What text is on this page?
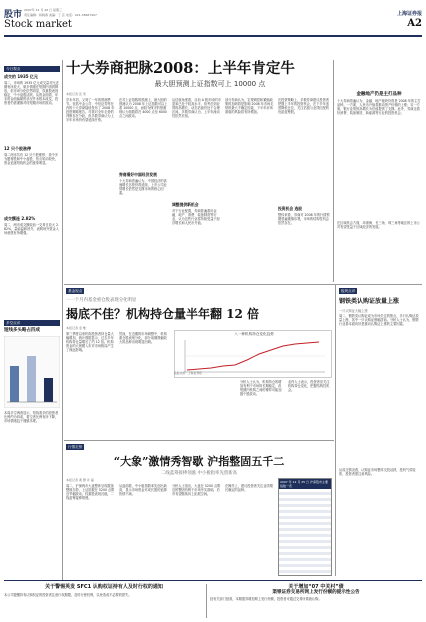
股市 2007年 12 月 26 日 星期三
责任编辑：杨晓春 美编：丁 芸 电话：021-38967907
Stock market
上海证券报
A2
今日观点
成交的 1935 亿元
周二，市场的 1935 亿元成交量对比近期有所放大，做多情绪在短期内得到释放，但市场分化依然明显，权重股表现稳定，中小盘股活跃。从资金面看，年末资金面偏紧的状况并未根本改变，投资者仍需谨慎对待短期市场的波动。
12 只个股涨停
周二两市共有 12 只个股涨停，其中多为题材股和中小盘股，热点轮动较快，资金追逐短线机会的迹象明显。
成交额连 2.82%
周二，两市成交额较前一交易日放大 2.82%，量能温和回升，表明场外资金入场意愿有所增强。
多空点评
短线多头略占四成
本周多空调查显示，短线看多的投资者比例约为四成，看空者比例有所下降，市场情绪趋于谨慎乐观。
十大券商把脉2008：上半年肯定牛
最大胆预测上证指数可上 10000 点
本报记者 张 雪
岁末年初，又到了一年的预测季节。包括中金公司、中信证券等在内的十大券商陆续发布了 2008 年投资策略报告。尽管对全年走势的判断存在分歧，但多数券商认为上半年市场仍有望延续升势。
在对上证指数的预测上，最大胆的预测认为 2008 年上证指数可以上看 10000 点，而较为保守的预测则认为指数将在 4000 点至 6000 点之间波动。
券商看好中国经济发展
十大券商普遍认为，中国经济的高速增长态势仍将延续，上市公司业绩增长依然是支撑市场的核心因素。
从估值角度看，目前 A 股市场的市盈率已处于较高水平，但考虑到业绩的高增长，动态估值仍处于合理区间。多数券商认为，上半年流动性依然充裕。
调整提供新机会
对于行业配置，券商普遍看好金融、地产、消费、装备制造等行业，认为这些行业将持续受益于经济增长和人民币升值。
部分券商认为，宏观调控和紧缩政策的加码将是影响 2008 年市场走势的最大不确定因素，下半年市场面临的风险将有所增加。
在投资策略上，多数券商建议投资者把握上半年的投资机会，在下半年适度降低仓位，关注估值与业绩匹配的优质蓝筹股。
投资机会 选股
整体来看，券商对 2008 年的行情预期普遍谨慎乐观，市场的结构性机会依然存在。
金融地产仍是主打品种
十大券商普遍认为，金融、地产板块仍将是 2008 年的主打品种。一方面，人民币升值将推动资产价格的上涨；另一方面，银行业绩的高增长为估值提供了支撑。此外，券商还看好消费、装备制造、新能源等行业的投资机会。
在区域机会方面，环渤海、长三角、珠三角等地区的上市公司有望受益于区域经济的发展。
基金视点
一一个月内基金重仓股表现分化明显
揭底不佳？机构持仓量半年翻 12 倍
本报记者 金 维
第三季度以来机构投资者持仓量大幅增加，统计数据显示，过去半年机构持仓量增长了约 12 倍。机构资金的大规模入市对市场格局产生了深远影响。
然而，在近期的市场调整中，机构重仓股表现分化，部分前期涨幅较大的品种出现明显回调。
分析人士认为，机构持仓的增加有利于市场的长期稳定，但短期内机构之间的博弈可能加剧个股波动。
业内人士表示，投资者应关注机构持仓变化，把握结构性机会。
八一种机构持仓变化趋势
数据来源：上海证券报
板块点评
钢铁类认购证放量上涨
一只认购证大幅上涨
周二，钢铁类认购证成为市场关注的焦点，多只认购证放量上涨，其中一只认购证涨幅居前。分析人士认为，钢铁行业基本面向好是推动认购证上涨的主要因素。
从成交情况看，认购证市场整体交投活跃，投机气氛较浓，投资者需注意风险。
行情走势
“大象”激情秀智歇 沪指整固五千二
二线蓝筹接棒领涨 中小板指率先创新高
本报记者 黄 群 许 磊
周二，沪深两市大盘整体呈现震荡整固态势，上证指数在 5200 点附近窄幅波动。权重股表现沉稳，二线蓝筹接棒领涨。
从盘面看，中小板指数率先创出新高，显示市场资金对成长股的追捧热情不减。
分析人士指出，大盘在 5200 点附近的整固有利于市场夯实基础，后市有望继续向上拓展空间。
在操作上，建议投资者关注业绩增长确定的品种。
2007 年 12 月 25 日 沪深股市主要指数一览
关于警惕英发 SFC1 认购权证持有人及时行权的通知
本公司提醒持有认购权证的投资者注意行权期限，及时行使权利，以免造成不必要的损失。
关于增加“07 中关村”债
渠银证券交易所网上发行份额的提示性公告
经有关部门批准，本期债券增加网上发行份额，投资者可通过交易所系统认购。
